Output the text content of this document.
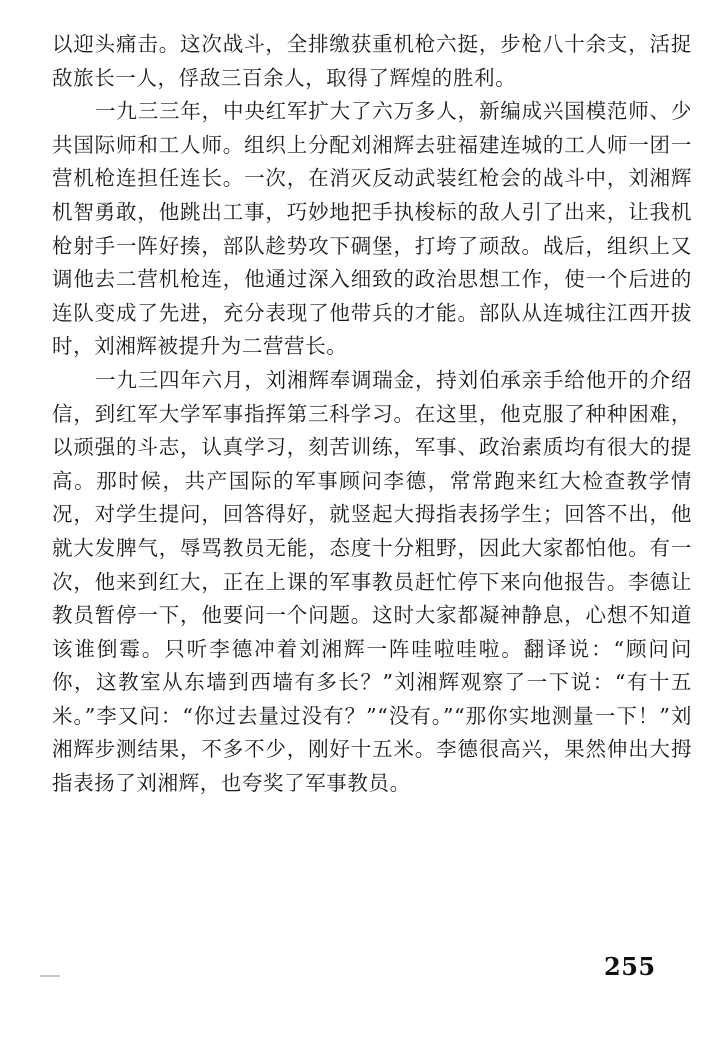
以迎头痛击。这次战斗，全排缴获重机枪六挺，步枪八十余支，活捉敌旅长一人，俘敌三百余人，取得了辉煌的胜利。

一九三三年，中央红军扩大了六万多人，新编成兴国模范师、少共国际师和工人师。组织上分配刘湘辉去驻福建连城的工人师一团一营机枪连担任连长。一次，在消灭反动武装红枪会的战斗中，刘湘辉机智勇敢，他跳出工事，巧妙地把手执梭标的敌人引了出来，让我机枪射手一阵好揍，部队趁势攻下碉堡，打垮了顽敌。战后，组织上又调他去二营机枪连，他通过深入细致的政治思想工作，使一个后进的连队变成了先进，充分表现了他带兵的才能。部队从连城往江西开拔时，刘湘辉被提升为二营营长。

一九三四年六月，刘湘辉奉调瑞金，持刘伯承亲手给他开的介绍信，到红军大学军事指挥第三科学习。在这里，他克服了种种困难，以顽强的斗志，认真学习，刻苦训练，军事、政治素质均有很大的提高。那时候，共产国际的军事顾问李德，常常跑来红大检查教学情况，对学生提问，回答得好，就竖起大拇指表扬学生；回答不出，他就大发脾气，辱骂教员无能，态度十分粗野，因此大家都怕他。有一次，他来到红大，正在上课的军事教员赶忙停下来向他报告。李德让教员暂停一下，他要问一个问题。这时大家都凝神静息，心想不知道该谁倒霉。只听李德冲着刘湘辉一阵哇啦哇啦。翻译说：“顾问问你，这教室从东墙到西墙有多长？”刘湘辉观察了一下说：“有十五米。”李又问：“你过去量过没有？”“没有。”“那你实地测量一下！”刘湘辉步测结果，不多不少，刚好十五米。李德很高兴，果然伸出大拇指表扬了刘湘辉，也夸奖了军事教员。

255
